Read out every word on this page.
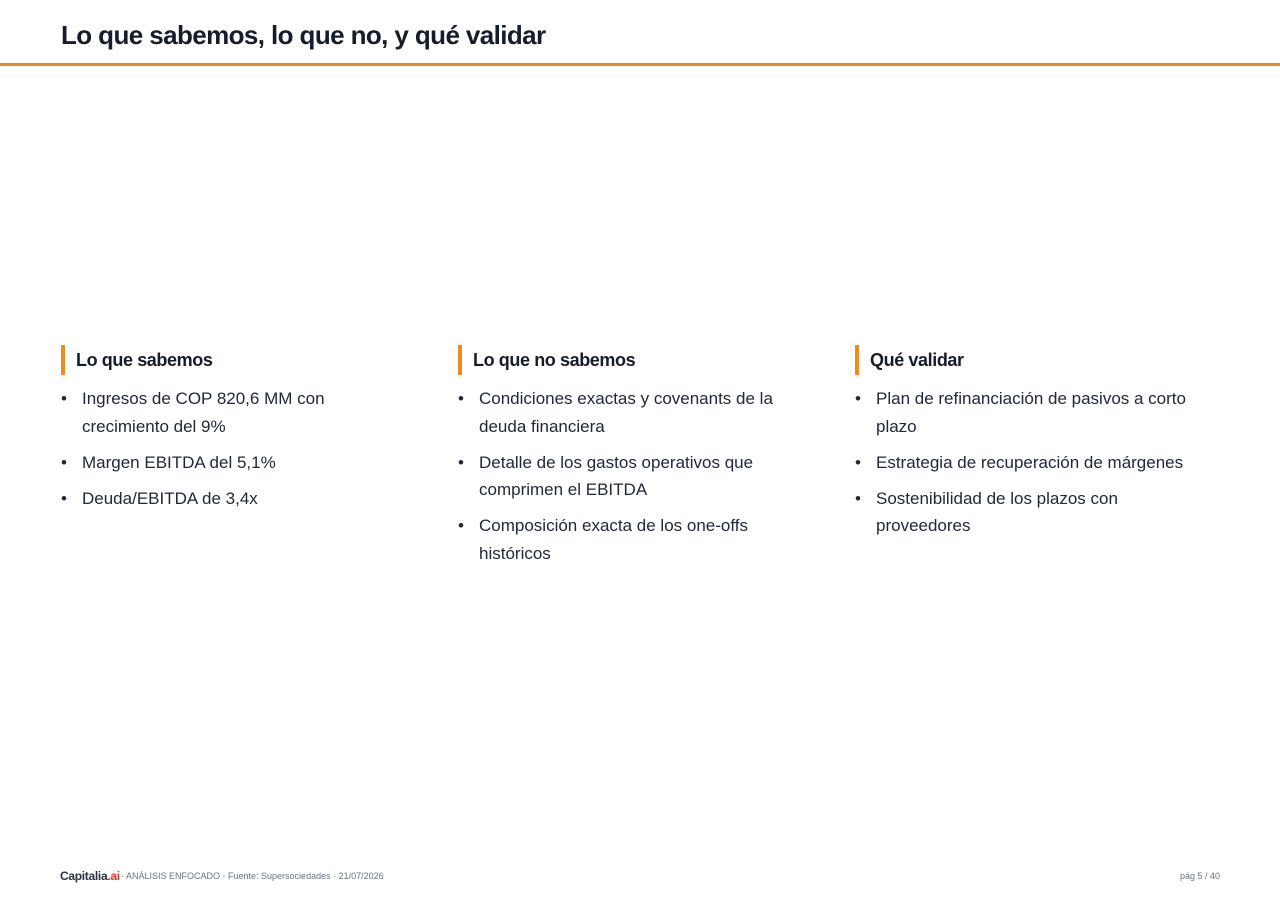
Lo que sabemos, lo que no, y qué validar
Lo que sabemos
• Ingresos de COP 820,6 MM con crecimiento del 9%
• Margen EBITDA del 5,1%
• Deuda/EBITDA de 3,4x
Lo que no sabemos
• Condiciones exactas y covenants de la deuda financiera
• Detalle de los gastos operativos que comprimen el EBITDA
• Composición exacta de los one-offs históricos
Qué validar
• Plan de refinanciación de pasivos a corto plazo
• Estrategia de recuperación de márgenes
• Sostenibilidad de los plazos con proveedores
Capitalia.ai · ANÁLISIS ENFOCADO · Fuente: Supersociedades · 21/07/2026	pág 5 / 40
